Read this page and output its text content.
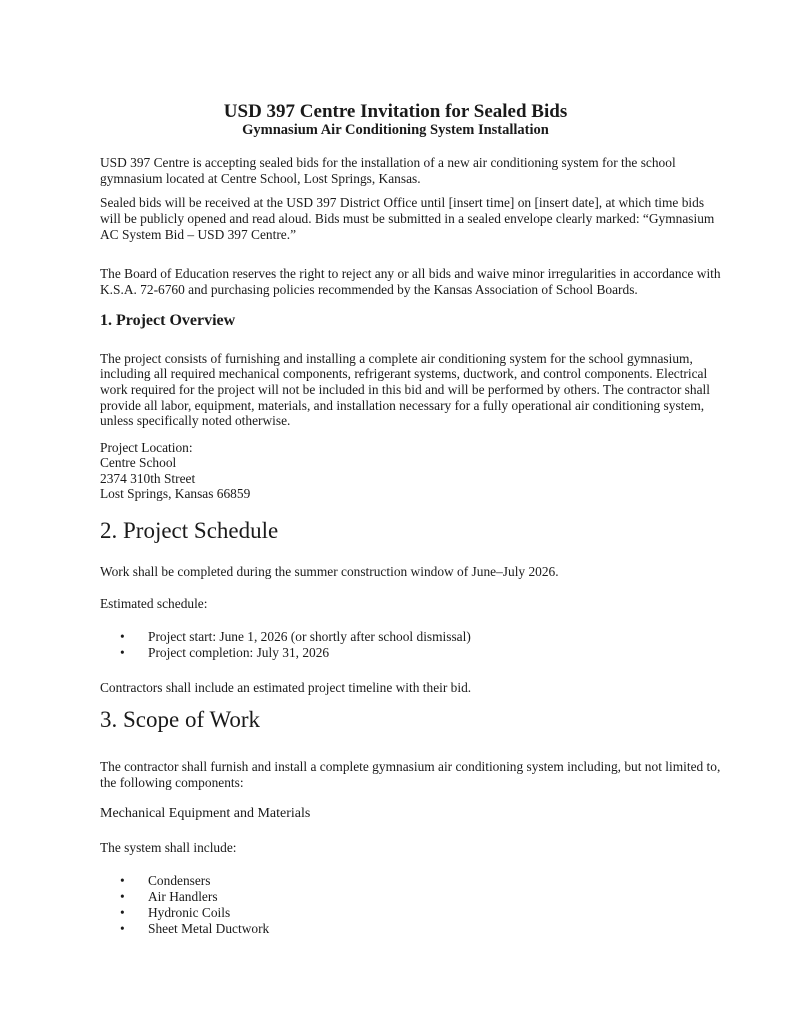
USD 397 Centre Invitation for Sealed Bids
Gymnasium Air Conditioning System Installation
USD 397 Centre is accepting sealed bids for the installation of a new air conditioning system for the school
gymnasium located at Centre School, Lost Springs, Kansas.
Sealed bids will be received at the USD 397 District Office until [insert time] on [insert date], at which time bids
will be publicly opened and read aloud. Bids must be submitted in a sealed envelope clearly marked: “Gymnasium
AC System Bid – USD 397 Centre.”
The Board of Education reserves the right to reject any or all bids and waive minor irregularities in accordance with
K.S.A. 72-6760 and purchasing policies recommended by the Kansas Association of School Boards.
1. Project Overview
The project consists of furnishing and installing a complete air conditioning system for the school gymnasium,
including all required mechanical components, refrigerant systems, ductwork, and control components. Electrical
work required for the project will not be included in this bid and will be performed by others. The contractor shall
provide all labor, equipment, materials, and installation necessary for a fully operational air conditioning system,
unless specifically noted otherwise.
Project Location:
Centre School
2374 310th Street
Lost Springs, Kansas 66859
2. Project Schedule
Work shall be completed during the summer construction window of June–July 2026.
Estimated schedule:
• Project start: June 1, 2026 (or shortly after school dismissal)
• Project completion: July 31, 2026
Contractors shall include an estimated project timeline with their bid.
3. Scope of Work
The contractor shall furnish and install a complete gymnasium air conditioning system including, but not limited to,
the following components:
Mechanical Equipment and Materials
The system shall include:
• Condensers
• Air Handlers
• Hydronic Coils
• Sheet Metal Ductwork
